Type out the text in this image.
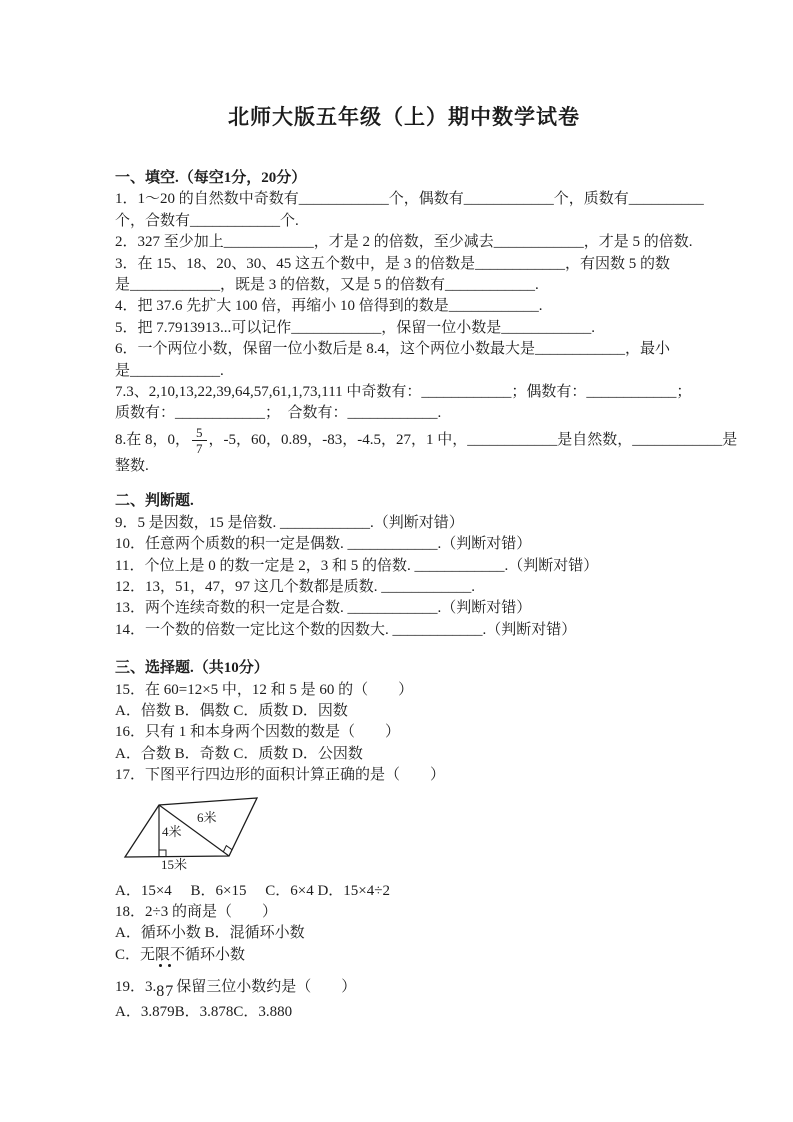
北师大版五年级（上）期中数学试卷
一、填空.（每空1分，20分）

1．1～20 的自然数中奇数有____________个，偶数有____________个，质数有__________

个，合数有____________个.

2．327 至少加上____________，才是 2 的倍数，至少减去____________，才是 5 的倍数.

3．在 15、18、20、30、45 这五个数中，是 3 的倍数是____________，有因数 5 的数

是____________，既是 3 的倍数，又是 5 的倍数有____________.

4．把 37.6 先扩大 100 倍，再缩小 10 倍得到的数是____________.

5．把 7.7913913...可以记作____________，保留一位小数是____________.

6．一个两位小数，保留一位小数后是 8.4，这个两位小数最大是____________，最小

是____________.

7.3、2,10,13,22,39,64,57,61,1,73,111 中奇数有：____________；偶数有：____________；

质数有：____________；  合数有：____________.

8.在 8，0， $\frac{5}{7}$ ，-5，60，0.89，-83，-4.5，27，1 中，____________是自然数，____________是

整数.

二、判断题.

9．5 是因数，15 是倍数. ____________.（判断对错）

10．任意两个质数的积一定是偶数. ____________.（判断对错）

11．个位上是 0 的数一定是 2，3 和 5 的倍数. ____________.（判断对错）

12．13，51，47，97 这几个数都是质数. ____________.

13．两个连续奇数的积一定是合数. ____________.（判断对错）

14．一个数的倍数一定比这个数的因数大. ____________.（判断对错）

三、选择题.（共10分）

15．在 60=12×5 中，12 和 5 是 60 的（　　）

A．倍数 B．偶数 C．质数 D．因数

16．只有 1 和本身两个因数的数是（　　）

A．合数 B．奇数 C．质数 D．公因数

17．下图平行四边形的面积计算正确的是（　　）

6米
4米
15米

A．15×4     B．6×15     C．6×4 D．15×4÷2

18．2÷3 的商是（　　）

A．循环小数 B．混循环小数

C．无限不循环小数

19．3.87 保留三位小数约是（　　）

A．3.879B．3.878C．3.880
